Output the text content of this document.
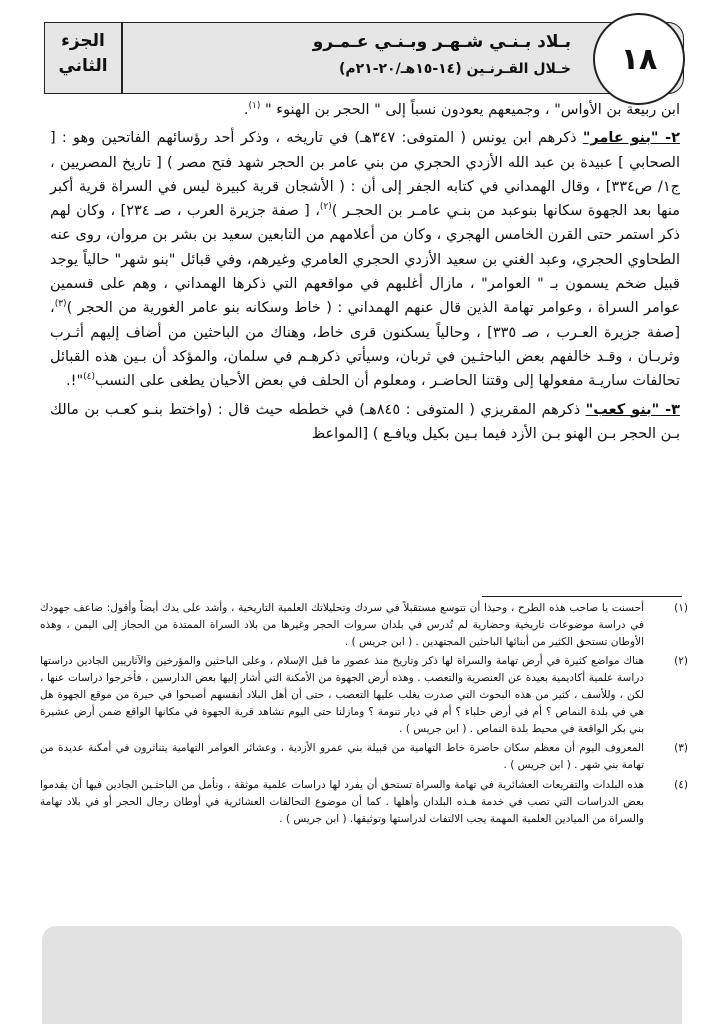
الجزء الثاني
بـلاد بـنـي شـهـر وبـنـي عـمـرو
خـلال القـرنـين (١٤-١٥هـ/٢٠-٢١م) ١٨

ابن ربيعة بن الأواس" ، وجميعهم يعودون نسباً إلى " الحجر بن الهنوء " $^{(١)}$.

٢- "بنو عامر" ذكرهم ابن يونس ( المتوفى: ٣٤٧هـ) في تاريخه ، وذكر أحد رؤسائهم الفاتحين وهو : [ الصحابي ] عبيدة بن عبد الله الأزدي الحجري من بني عامر بن الحجر شهد فتح مصر ) [ تاريخ المصريين ، ج١/ ص٣٣٤] ، وقال الهمداني في كتابه الجفر إلى أن : ( الأشجان قرية كبيرة ليس في السراة قرية أكبر منها بعد الجهوة سكانها بنوعبد من بنـي عامـر بن الحجـر )$^{(٢)}$، [ صفة جزيرة العرب ، صـ ٢٣٤] ، وكان لهم ذكر استمر حتى القرن الخامس الهجري ، وكان من أعلامهم من التابعين سعيد بن بشر بن مروان، روى عنه الطحاوي الحجري، وعبد الغني بن سعيد الأزدي الحجري العامري وغيرهم، وفي قبائل "بنو شهر" حالياً يوجد قبيل ضخم يسمون بـ " العوامر" ، مازال أغلبهم في مواقعهم التي ذكرها الهمداني ، وهم على قسمين عوامر السراة ، وعوامر تهامة الذين قال عنهم الهمداني : ( خاط وسكانه بنو عامر الغورية من الحجر )$^{(٣)}$، [صفة جزيرة العـرب ، صـ ٣٣٥] ، وحالياً يسكنون قرى خاط، وهناك من الباحثين من أضاف إليهم أثـرب وثربـان ، وقـد خالفهم بعض الباحثـين في ثربان، وسيأتي ذكرهـم في سلمان، والمؤكد أن بـين هذه القبائل تحالفات ساريـة مفعولها إلى وقتنا الحاضـر ، ومعلوم أن الحلف في بعض الأحيان يطغى على النسب$^{(٤)}$"!.

٣- "بنو كعب" ذكرهم المقريزي ( المتوفى : ٨٤٥هـ) في خططه حيث قال : (واختط بنـو كعـب بن مالك بـن الحجر بـن الهنو بـن الأزد فيما بـين بكيل ويافـع ) [المواعظ

(١)
أحسنت يا صاحب هذه الطرح ، وحبذا أن تتوسع مستقبلاً في سردك وتحليلاتك العلمية التاريخية ، وأشد على يدك أيضاً وأقول: ضاعف جهودك في دراسة موضوعات تاريخية وحضارية لم تُدرس في بلدان سروات الحجر وغيرها من بلاد السراة الممتدة من الحجاز إلى اليمن ، وهذه الأوطان تستحق الكثير من أبنائها الباحثين المجتهدين . ( ابن جريس ) .
(٢)
هناك مواضع كثيرة في أرض تهامة والسراة لها ذكر وتاريخ منذ عصور ما قبل الإسلام ، وعلى الباحثين والمؤرخين والآثاريين الجادين دراستها دراسة علمية أكاديمية بعيدة عن العنصرية والتعصب . وهذه أرض الجهوة من الأمكنة التي أشار إليها بعض الدارسين ، فأخرجوا دراسات عنها ، لكن ، وللأسف ، كثير من هذه البحوث التي صدرت يغلب عليها التعصب ، حتى أن أهل البلاد أنفسهم أصبحوا في حيرة من موقع الجهوة هل هي في بلدة النماص ؟ أم في أرض حلباء ؟ أم في ديار تنومة ؟ ومازلنا حتى اليوم نشاهد قرية الجهوة في مكانها الواقع ضمن أرض عشيرة بني بكر الواقعة في محيط بلدة النماص . ( ابن جريس ) .
(٣)
المعروف اليوم أن معظم سكان حاضرة خاط التهامية من قبيلة بني عمرو الأزدية ، وعشائر العوامر التهامية يتناثرون في أمكنة عديدة من تهامة بني شهر . ( ابن جريس ) .
(٤)
هذه البلدات والتفريعات العشائرية في تهامة والسراة تستحق أن يفرد لها دراسات علمية موثقة ، ونأمل من الباحثـين الجادين فيها أن يقدموا بعض الدراسات التي تصب في خدمة هـذه البلدان وأهلها . كما أن موضوع التحالفات العشائرية في أوطان رجال الحجر أو في بلاد تهامة والسراة من الميادين العلمية المهمة يجب الالتفات لدراستها وتوثيقها. ( ابن جريس ) .
